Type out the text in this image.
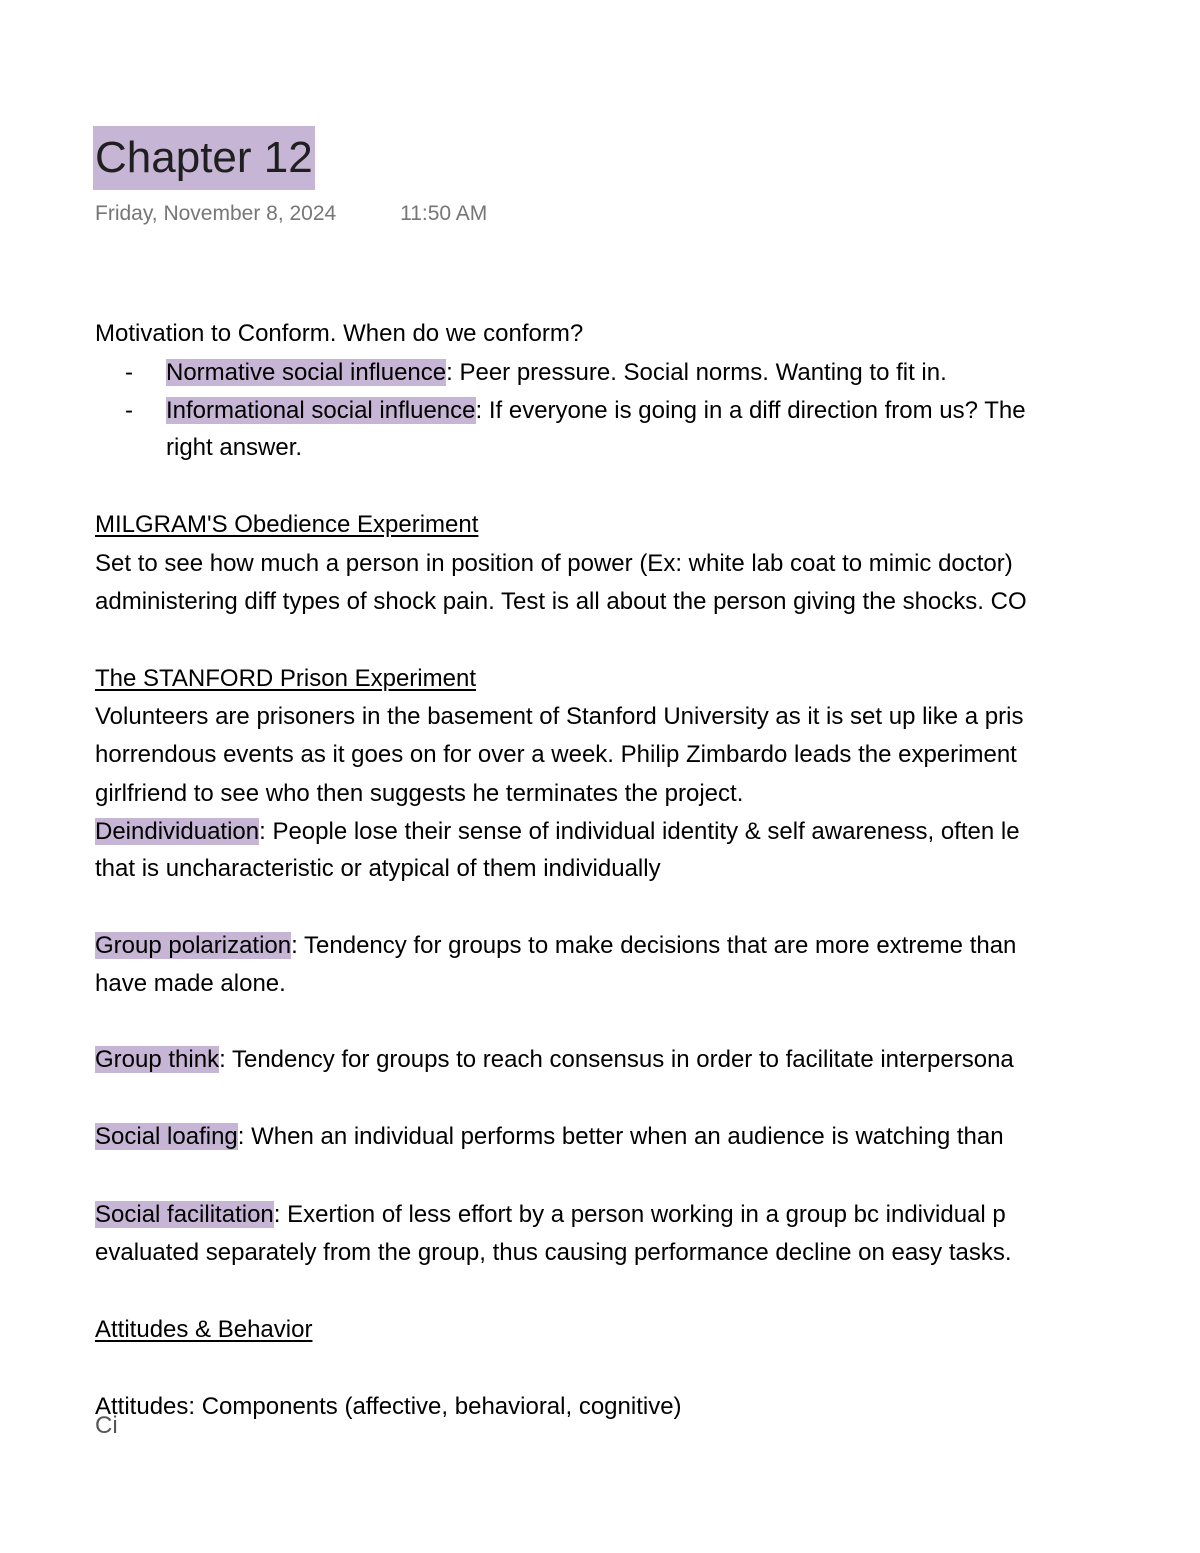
Chapter 12
Friday, November 8, 2024	11:50 AM
Motivation to Conform. When do we conform?
- Normative social influence: Peer pressure. Social norms. Wanting to fit in.
- Informational social influence: If everyone is going in a diff direction from us? The
right answer.
MILGRAM'S Obedience Experiment
Set to see how much a person in position of power (Ex: white lab coat to mimic doctor)
administering diff types of shock pain. Test is all about the person giving the shocks. CO
The STANFORD Prison Experiment
Volunteers are prisoners in the basement of Stanford University as it is set up like a pris
horrendous events as it goes on for over a week. Philip Zimbardo leads the experiment
girlfriend to see who then suggests he terminates the project.
Deindividuation: People lose their sense of individual identity & self awareness, often le
that is uncharacteristic or atypical of them individually
Group polarization: Tendency for groups to make decisions that are more extreme than
have made alone.
Group think: Tendency for groups to reach consensus in order to facilitate interpersona
Social loafing: When an individual performs better when an audience is watching than
Social facilitation: Exertion of less effort by a person working in a group bc individual p
evaluated separately from the group, thus causing performance decline on easy tasks.
Attitudes & Behavior
Attitudes: Components (affective, behavioral, cognitive)
Ci
